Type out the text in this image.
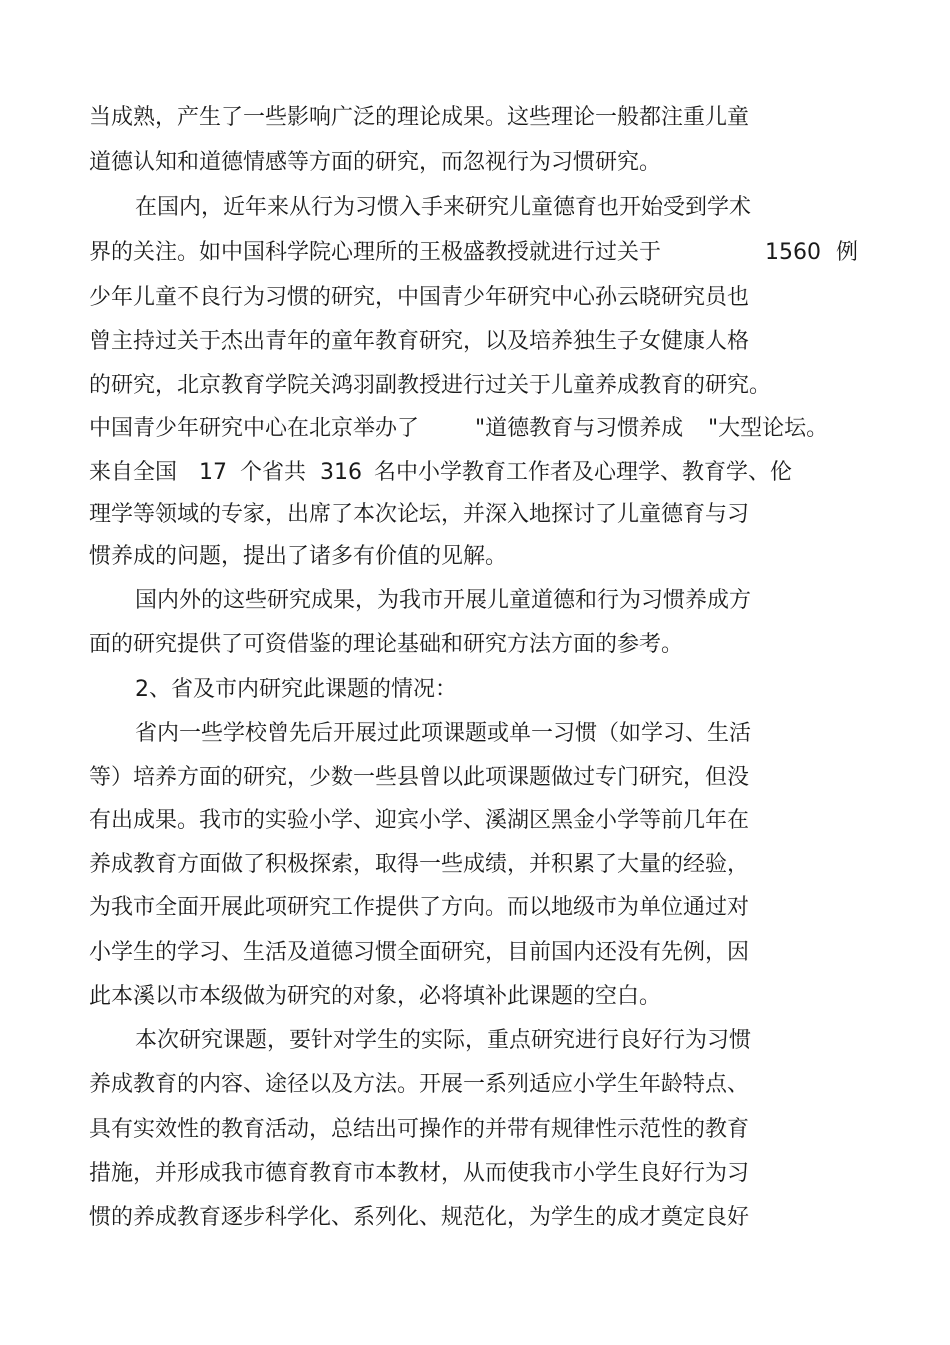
当成熟，产生了一些影响广泛的理论成果。这些理论一般都注重儿童

道德认知和道德情感等方面的研究，而忽视行为习惯研究。

在国内，近年来从行为习惯入手来研究儿童德育也开始受到学术

界的关注。如中国科学院心理所的王极盛教授就进行过关于

	1560

例

少年儿童不良行为习惯的研究，中国青少年研究中心孙云晓研究员也

曾主持过关于杰出青年的童年教育研究，以及培养独生子女健康人格

的研究，北京教育学院关鸿羽副教授进行过关于儿童养成教育的研究。

中国青少年研究中心在北京举办了

	"道德教育与习惯养成

"大型论坛。

来自全国

17

个省共

316

名中小学教育工作者及心理学、教育学、伦

理学等领域的专家，出席了本次论坛，并深入地探讨了儿童德育与习

惯养成的问题，提出了诸多有价值的见解。

国内外的这些研究成果，为我市开展儿童道德和行为习惯养成方

面的研究提供了可资借鉴的理论基础和研究方法方面的参考。

2、省及市内研究此课题的情况：

省内一些学校曾先后开展过此项课题或单一习惯（如学习、生活

等）培养方面的研究，少数一些县曾以此项课题做过专门研究，但没

有出成果。我市的实验小学、迎宾小学、溪湖区黑金小学等前几年在

养成教育方面做了积极探索，取得一些成绩，并积累了大量的经验，

为我市全面开展此项研究工作提供了方向。而以地级市为单位通过对

小学生的学习、生活及道德习惯全面研究，目前国内还没有先例，因

此本溪以市本级做为研究的对象，必将填补此课题的空白。

本次研究课题，要针对学生的实际，重点研究进行良好行为习惯

养成教育的内容、途径以及方法。开展一系列适应小学生年龄特点、

具有实效性的教育活动，总结出可操作的并带有规律性示范性的教育

措施，并形成我市德育教育市本教材，从而使我市小学生良好行为习

惯的养成教育逐步科学化、系列化、规范化，为学生的成才奠定良好
